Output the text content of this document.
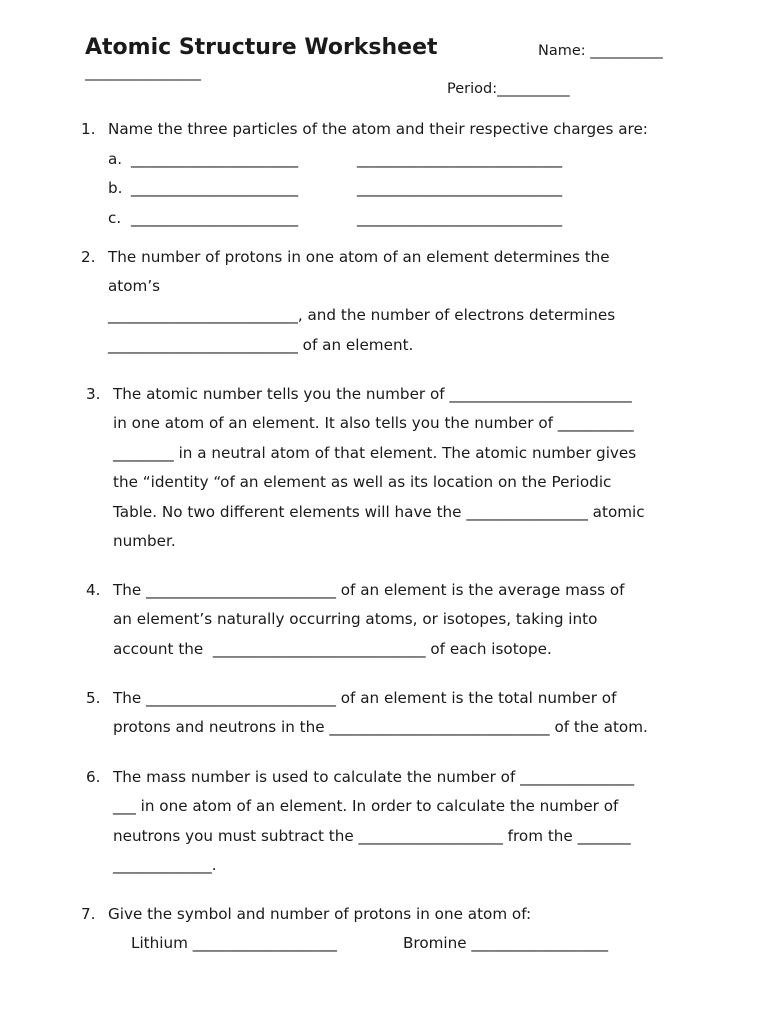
Atomic Structure Worksheet	Name: __________
________________
Period:__________
1. Name the three particles of the atom and their respective charges are:
a. ______________________	___________________________
b. ______________________	___________________________
c. ______________________	___________________________
2. The number of protons in one atom of an element determines the
atom’s
_________________________, and the number of electrons determines
_________________________ of an element.
3. The atomic number tells you the number of ________________________
in one atom of an element. It also tells you the number of __________
________ in a neutral atom of that element. The atomic number gives
the “identity “of an element as well as its location on the Periodic
Table. No two different elements will have the ________________ atomic
number.
4. The _________________________ of an element is the average mass of
an element’s naturally occurring atoms, or isotopes, taking into
account the  ____________________________ of each isotope.
5. The _________________________ of an element is the total number of
protons and neutrons in the _____________________________ of the atom.
6. The mass number is used to calculate the number of _______________
___ in one atom of an element. In order to calculate the number of
neutrons you must subtract the ___________________ from the _______
_____________.
7. Give the symbol and number of protons in one atom of:
Lithium ___________________	Bromine __________________
